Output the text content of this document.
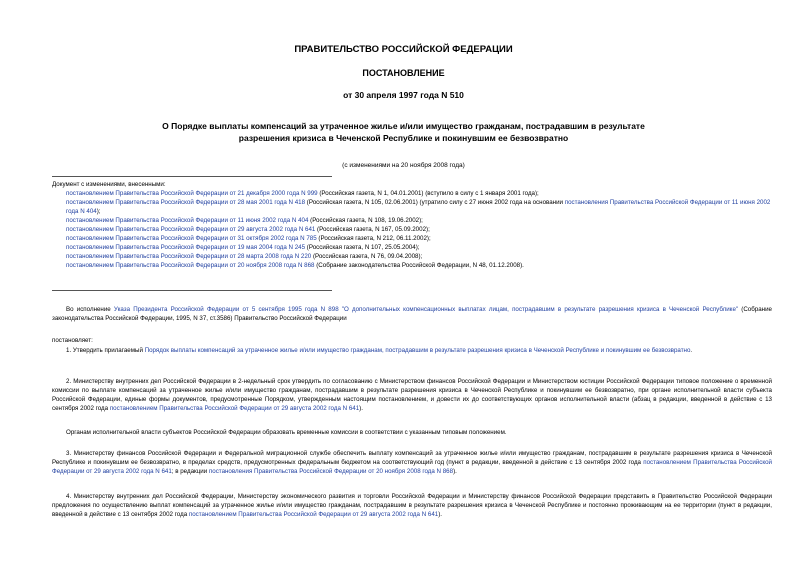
ПРАВИТЕЛЬСТВО РОССИЙСКОЙ ФЕДЕРАЦИИ
ПОСТАНОВЛЕНИЕ
от 30 апреля 1997 года N 510
О Порядке выплаты компенсаций за утраченное жилье и/или имущество гражданам, пострадавшим в результате разрешения кризиса в Чеченской Республике и покинувшим ее безвозвратно
(с изменениями на 20 ноября 2008 года)
Документ с изменениями, внесенными:
постановлением Правительства Российской Федерации от 21 декабря 2000 года N 999 (Российская газета, N 1, 04.01.2001) (вступило в силу с 1 января 2001 года);
постановлением Правительства Российской Федерации от 28 мая 2001 года N 418 (Российская газета, N 105, 02.06.2001) (утратило силу с 27 июня 2002 года на основании постановления Правительства Российской Федерации от 11 июня 2002 года N 404);
постановлением Правительства Российской Федерации от 11 июня 2002 года N 404 (Российская газета, N 108, 19.06.2002);
постановлением Правительства Российской Федерации от 29 августа 2002 года N 641 (Российская газета, N 167, 05.09.2002);
постановлением Правительства Российской Федерации от 31 октября 2002 года N 785 (Российская газета, N 212, 06.11.2002);
постановлением Правительства Российской Федерации от 19 мая 2004 года N 245 (Российская газета, N 107, 25.05.2004);
постановлением Правительства Российской Федерации от 28 марта 2008 года N 220 (Российская газета, N 76, 09.04.2008);
постановлением Правительства Российской Федерации от 20 ноября 2008 года N 868 (Собрание законодательства Российской Федерации, N 48, 01.12.2008).
Во исполнение Указа Президента Российской Федерации от 5 сентября 1995 года N 898 "О дополнительных компенсационных выплатах лицам, пострадавшим в результате разрешения кризиса в Чеченской Республике" (Собрание законодательства Российской Федерации, 1995, N 37, ст.3586) Правительство Российской Федерации
постановляет:
1. Утвердить прилагаемый Порядок выплаты компенсаций за утраченное жилье и/или имущество гражданам, пострадавшим в результате разрешения кризиса в Чеченской Республике и покинувшим ее безвозвратно.
2. Министерству внутренних дел Российской Федерации в 2-недельный срок утвердить по согласованию с Министерством финансов Российской Федерации и Министерством юстиции Российской Федерации типовое положение о временной комиссии по выплате компенсаций за утраченное жилье и/или имущество гражданам, пострадавшим в результате разрешения кризиса в Чеченской Республике и покинувшим ее безвозвратно, при органе исполнительной власти субъекта Российской Федерации, единые формы документов, предусмотренные Порядком, утвержденным настоящим постановлением, и довести их до соответствующих органов исполнительной власти (абзац в редакции, введенной в действие с 13 сентября 2002 года постановлением Правительства Российской Федерации от 29 августа 2002 года N 641).
Органам исполнительной власти субъектов Российской Федерации образовать временные комиссии в соответствии с указанным типовым положением.
3. Министерству финансов Российской Федерации и Федеральной миграционной службе обеспечить выплату компенсаций за утраченное жилье и/или имущество гражданам, пострадавшим в результате разрешения кризиса в Чеченской Республике и покинувшим ее безвозвратно, в пределах средств, предусмотренных федеральным бюджетом на соответствующий год (пункт в редакции, введенной в действие с 13 сентября 2002 года постановлением Правительства Российской Федерации от 29 августа 2002 года N 641; в редакции постановления Правительства Российской Федерации от 20 ноября 2008 года N 868).
4. Министерству внутренних дел Российской Федерации, Министерству экономического развития и торговли Российской Федерации и Министерству финансов Российской Федерации представить в Правительство Российской Федерации предложения по осуществлению выплат компенсаций за утраченное жилье и/или имущество гражданам, пострадавшим в результате разрешения кризиса в Чеченской Республике и постоянно проживающим на ее территории (пункт в редакции, введенной в действие с 13 сентября 2002 года постановлением Правительства Российской Федерации от 29 августа 2002 года N 641).
